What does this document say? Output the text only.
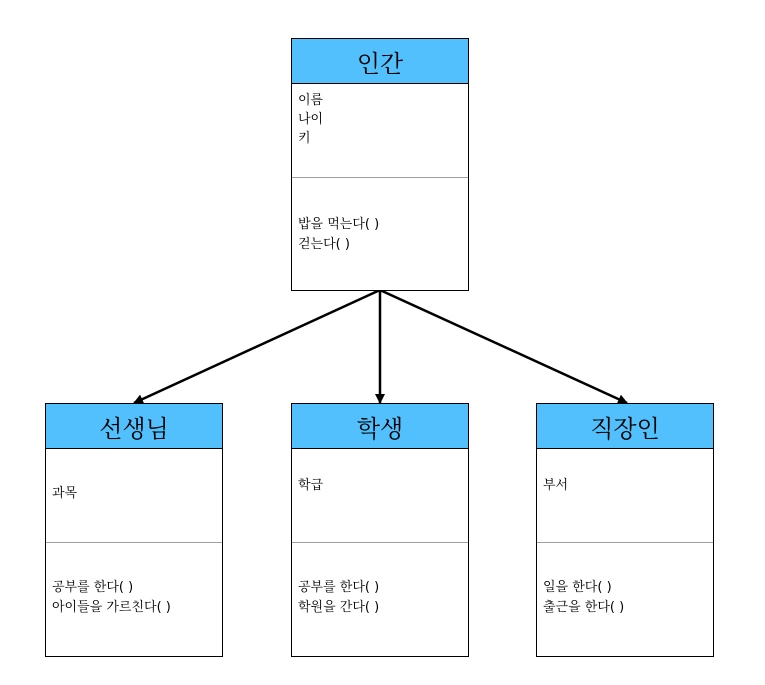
인간
이름
나이
키
밥을 먹는다( )
걷는다( )
선생님
과목
공부를 한다( )
아이들을 가르친다( )
학생
학급
공부를 한다( )
학원을 간다( )
직장인
부서
일을 한다( )
출근을 한다( )
